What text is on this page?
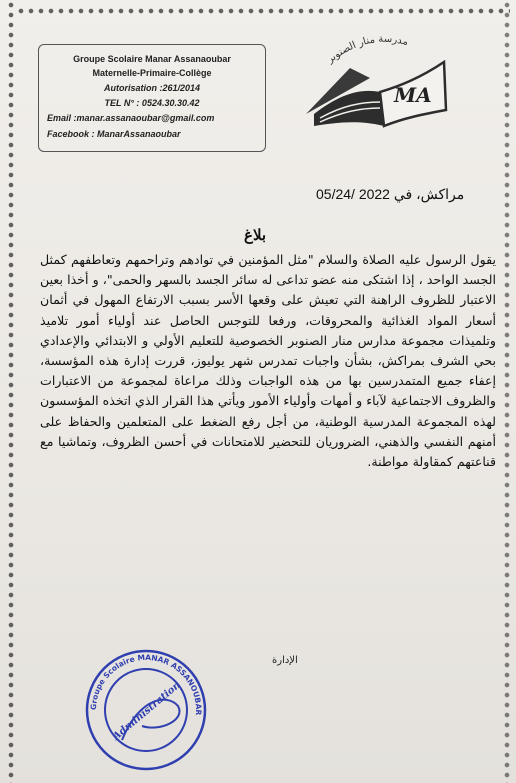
Groupe Scolaire Manar Assanaoubar
Maternelle-Primaire-Collège
Autorisation :261/2014
TEL N° : 0524.30.30.42
Email :manar.assanaoubar@gmail.com
Facebook : ManarAssanaoubar
مدرسة منار الصنوبر
MA
مراكش، في 2022 /05/24
بلاغ

يقول الرسول عليه الصلاة والسلام "مثل المؤمنين في توادهم وتراحمهم وتعاطفهم كمثل الجسد الواحد ، إذا اشتكى منه عضو تداعى له سائر الجسد بالسهر والحمى"، و أخذا بعين الاعتبار للظروف الراهنة التي تعيش على وقعها الأسر بسبب الارتفاع المهول في أثمان أسعار المواد الغذائية والمحروقات، ورفعا للتوجس الحاصل عند أولياء أمور تلاميذ وتلميذات مجموعة مدارس منار الصنوبر الخصوصية للتعليم الأولي و الابتدائي والإعدادي بحي الشرف بمراكش، بشأن واجبات تمدرس شهر يوليوز، قررت إدارة هذه المؤسسة، إعفاء جميع المتمدرسين بها من هذه الواجبات وذلك مراعاة لمجموعة من الاعتبارات والظروف الاجتماعية لآباء و أمهات وأولياء الأمور ويأتي هذا القرار الذي اتخذه المؤسسون لهذه المجموعة المدرسية الوطنية، من أجل رفع الضغط على المتعلمين والحفاظ على أمنهم النفسي والذهني، الضروريان للتحضير للامتحانات في أحسن الظروف، وتماشيا مع قناعتهم كمقاولة مواطنة.

الإدارة
Groupe Scolaire MANAR ASSANOUBAR
Administration
